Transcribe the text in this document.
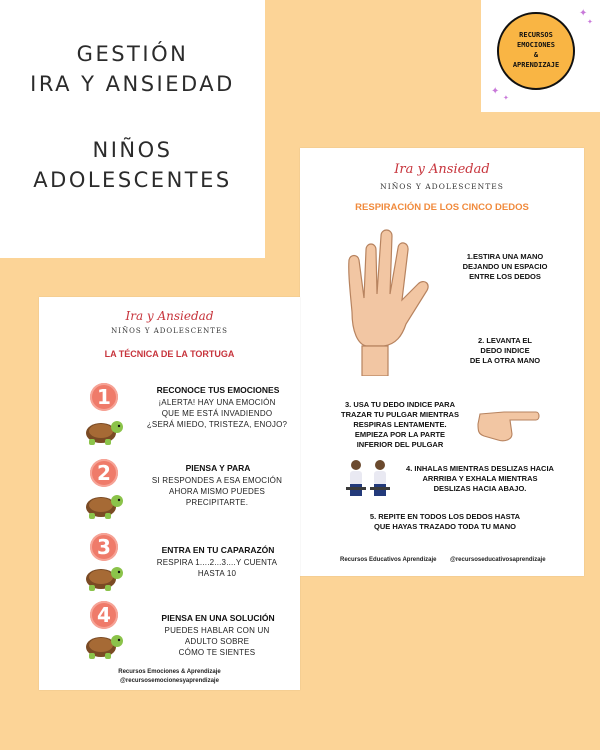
GESTIÓN
IRA Y ANSIEDAD
NIÑOS
ADOLESCENTES
RECURSOS
EMOCIONES
&
APRENDIZAJE
✦
✦
✦
✦
Ira y Ansiedad
NIÑOS Y ADOLESCENTES
RESPIRACIÓN DE LOS CINCO DEDOS
1.ESTIRA UNA MANO
DEJANDO UN ESPACIO
ENTRE LOS DEDOS
2. LEVANTA EL
DEDO INDICE
DE LA OTRA MANO
3. USA TU DEDO INDICE PARA
TRAZAR TU PULGAR MIENTRAS
RESPIRAS LENTAMENTE.
EMPIEZA POR LA PARTE
INFERIOR DEL PULGAR
4. INHALAS MIENTRAS DESLIZAS HACIA
ARRRIBA Y EXHALA MIENTRAS
DESLIZAS HACIA ABAJO.
5. REPITE EN TODOS LOS DEDOS HASTA
QUE HAYAS TRAZADO TODA TU MANO
Recursos Educativos Aprendizaje @recursoseducativosaprendizaje
Ira y Ansiedad
NIÑOS Y ADOLESCENTES
LA TÉCNICA DE LA TORTUGA
1	RECONOCE TUS EMOCIONES
¡ALERTA! HAY UNA EMOCIÓN
QUE ME ESTÁ INVADIENDO
¿SERÁ MIEDO, TRISTEZA, ENOJO?
2	PIENSA Y PARA
SI RESPONDES A ESA EMOCIÓN
AHORA MISMO PUEDES
PRECIPITARTE.
3	ENTRA EN TU CAPARAZÓN
RESPIRA 1....2...3....Y CUENTA
HASTA 10
4	PIENSA EN UNA SOLUCIÓN
PUEDES HABLAR CON UN
ADULTO SOBRE
CÓMO TE SIENTES
Recursos Emociones & Aprendizaje
@recursosemocionesyaprendizaje
